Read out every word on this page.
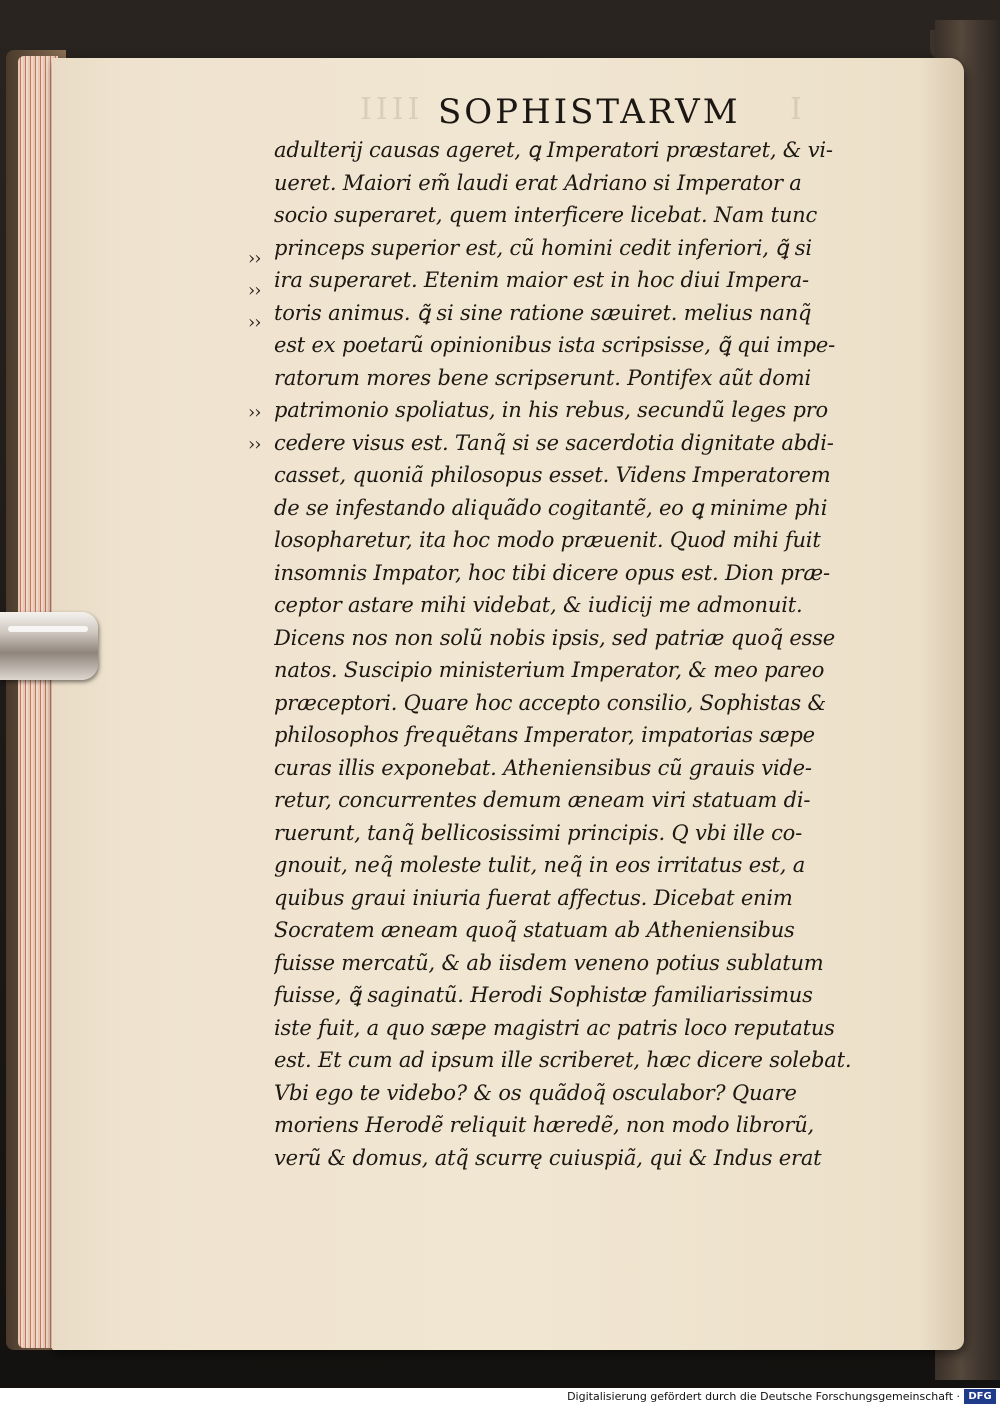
IIII	I
SOPHISTARVM
adulterij causas ageret, ꝗ Imperatori præstaret, & vi-
ueret. Maiori em̃ laudi erat Adriano si Imperator a
socio superaret, quem interficere licebat. Nam tunc
princeps superior est, cũ homini cedit inferiori, ꝗ̃ si
ira superaret. Etenim maior est in hoc diui Impera-
toris animus. ꝗ̃ si sine ratione sæuiret. melius nanq̃
est ex poetarũ opinionibus ista scripsisse, ꝗ̃ qui impe-
ratorum mores bene scripserunt. Pontifex aũt domi
patrimonio spoliatus, in his rebus, secundũ leges pro
cedere visus est. Tanq̃ si se sacerdotia dignitate abdi-
casset, quoniã philosopus esset. Videns Imperatorem
de se infestando aliquãdo cogitantẽ, eo ꝗ minime phi
losopharetur, ita hoc modo præuenit. Quod mihi fuit
insomnis Impator, hoc tibi dicere opus est. Dion præ-
ceptor astare mihi videbat, & iudicij me admonuit.
Dicens nos non solũ nobis ipsis, sed patriæ quoq̃ esse
natos. Suscipio ministerium Imperator, & meo pareo
præceptori. Quare hoc accepto consilio, Sophistas &
philosophos frequẽtans Imperator, impatorias sæpe
curas illis exponebat. Atheniensibus cũ grauis vide-
retur, concurrentes demum æneam viri statuam di-
ruerunt, tanq̃ bellicosissimi principis. Q vbi ille co-
gnouit, neq̃ moleste tulit, neq̃ in eos irritatus est, a
quibus graui iniuria fuerat affectus. Dicebat enim
Socratem æneam quoq̃ statuam ab Atheniensibus
fuisse mercatũ, & ab iisdem veneno potius sublatum
fuisse, ꝗ̃ saginatũ. Herodi Sophistæ familiarissimus
iste fuit, a quo sæpe magistri ac patris loco reputatus
est. Et cum ad ipsum ille scriberet, hæc dicere solebat.
Vbi ego te videbo? & os quãdoq̃ osculabor? Quare
moriens Herodẽ reliquit hæredẽ, non modo librorũ,
verũ & domus, atq̃ scurrę cuiuspiã, qui & Indus erat
››
››
››
››
››
Digitalisierung gefördert durch die Deutsche Forschungsgemeinschaft · DFG
